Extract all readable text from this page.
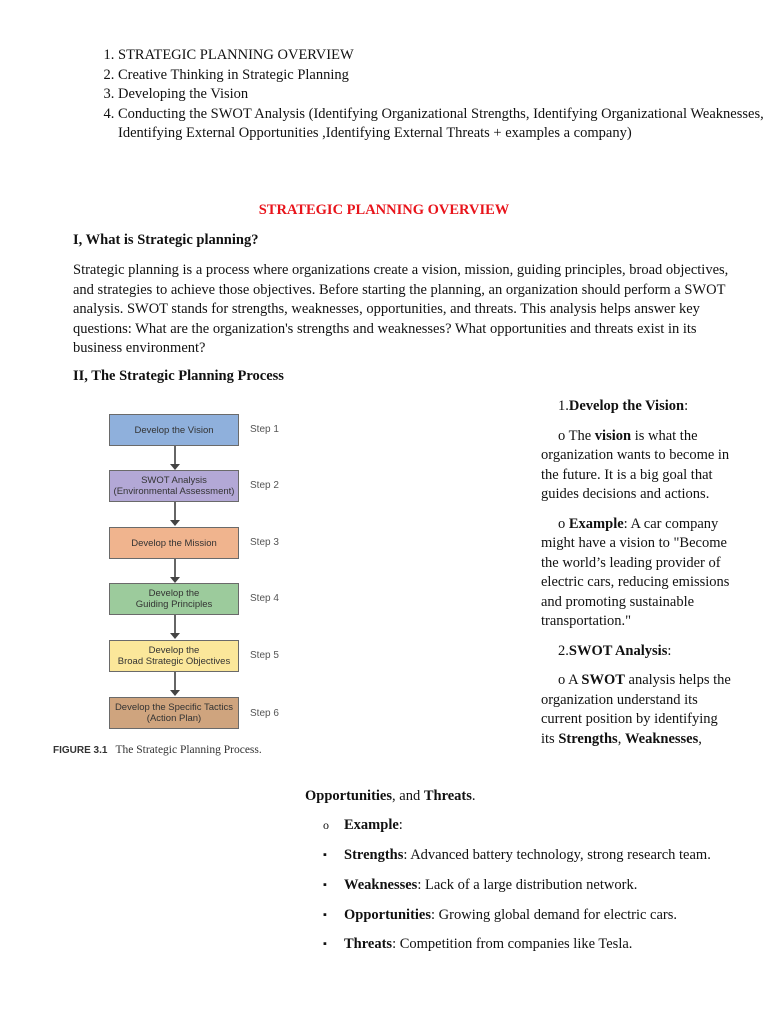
1. STRATEGIC PLANNING OVERVIEW
2. Creative Thinking in Strategic Planning
3. Developing the Vision
4. Conducting the SWOT Analysis (Identifying Organizational Strengths, Identifying Organizational Weaknesses, Identifying External Opportunities ,Identifying External Threats + examples a company)
STRATEGIC PLANNING OVERVIEW
I, What is Strategic planning?

Strategic planning is a process where organizations create a vision, mission, guiding principles, broad objectives, and strategies to achieve those objectives. Before starting the planning, an organization should perform a SWOT analysis. SWOT stands for strengths, weaknesses, opportunities, and threats. This analysis helps answer key questions: What are the organization's strengths and weaknesses? What opportunities and threats exist in its business environment?

II, The Strategic Planning Process
Develop the Vision	Step 1
SWOT Analysis
(Environmental Assessment)
Step 2
Develop the Mission	Step 3
Develop the
Guiding Principles
Step 4
Develop the
Broad Strategic Objectives
Step 5
Develop the Specific Tactics
(Action Plan)	Step 6
FIGURE 3.1 The Strategic Planning Process.

1.Develop the Vision:

o The vision is what the organization wants to become in the future. It is a big goal that guides decisions and actions.

o Example: A car company might have a vision to "Become the world’s leading provider of electric cars, reducing emissions and promoting sustainable transportation."

2.SWOT Analysis:

o A SWOT analysis helps the organization understand its current position by identifying its Strengths, Weaknesses,

Opportunities, and Threats.
o Example:
▪ Strengths: Advanced battery technology, strong research team.
▪ Weaknesses: Lack of a large distribution network.
▪ Opportunities: Growing global demand for electric cars.
▪ Threats: Competition from companies like Tesla.
